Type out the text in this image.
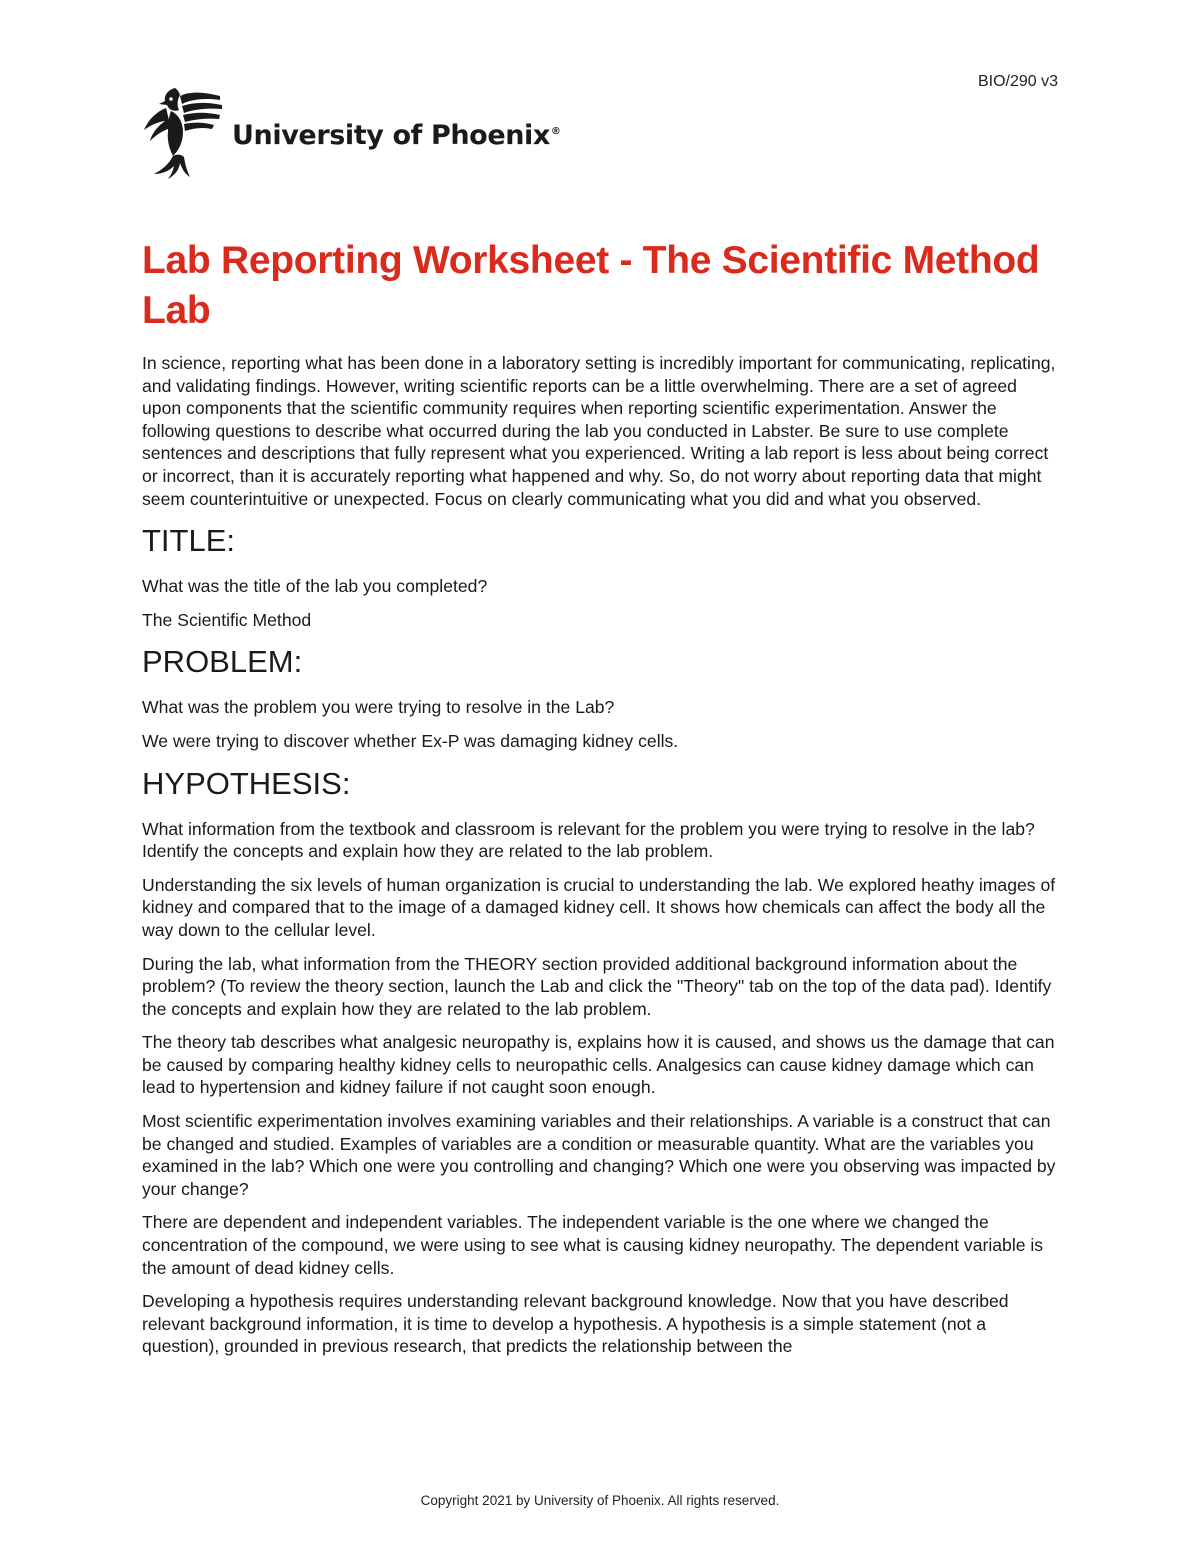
BIO/290 v3
University of Phoenix®
Lab Reporting Worksheet - The Scientific Method Lab

In science, reporting what has been done in a laboratory setting is incredibly important for communicating, replicating, and validating findings. However, writing scientific reports can be a little overwhelming. There are a set of agreed upon components that the scientific community requires when reporting scientific experimentation. Answer the following questions to describe what occurred during the lab you conducted in Labster. Be sure to use complete sentences and descriptions that fully represent what you experienced. Writing a lab report is less about being correct or incorrect, than it is accurately reporting what happened and why. So, do not worry about reporting data that might seem counterintuitive or unexpected. Focus on clearly communicating what you did and what you observed.

TITLE:

What was the title of the lab you completed?

The Scientific Method

PROBLEM:

What was the problem you were trying to resolve in the Lab?

We were trying to discover whether Ex-P was damaging kidney cells.

HYPOTHESIS:

What information from the textbook and classroom is relevant for the problem you were trying to resolve in the lab? Identify the concepts and explain how they are related to the lab problem.

Understanding the six levels of human organization is crucial to understanding the lab. We explored heathy images of kidney and compared that to the image of a damaged kidney cell. It shows how chemicals can affect the body all the way down to the cellular level.

During the lab, what information from the THEORY section provided additional background information about the problem? (To review the theory section, launch the Lab and click the "Theory" tab on the top of the data pad). Identify the concepts and explain how they are related to the lab problem.

The theory tab describes what analgesic neuropathy is, explains how it is caused, and shows us the damage that can be caused by comparing healthy kidney cells to neuropathic cells. Analgesics can cause kidney damage which can lead to hypertension and kidney failure if not caught soon enough.

Most scientific experimentation involves examining variables and their relationships. A variable is a construct that can be changed and studied. Examples of variables are a condition or measurable quantity. What are the variables you examined in the lab? Which one were you controlling and changing? Which one were you observing was impacted by your change?

There are dependent and independent variables. The independent variable is the one where we changed the concentration of the compound, we were using to see what is causing kidney neuropathy. The dependent variable is the amount of dead kidney cells.

Developing a hypothesis requires understanding relevant background knowledge. Now that you have described relevant background information, it is time to develop a hypothesis. A hypothesis is a simple statement (not a question), grounded in previous research, that predicts the relationship between the

Copyright 2021 by University of Phoenix. All rights reserved.
